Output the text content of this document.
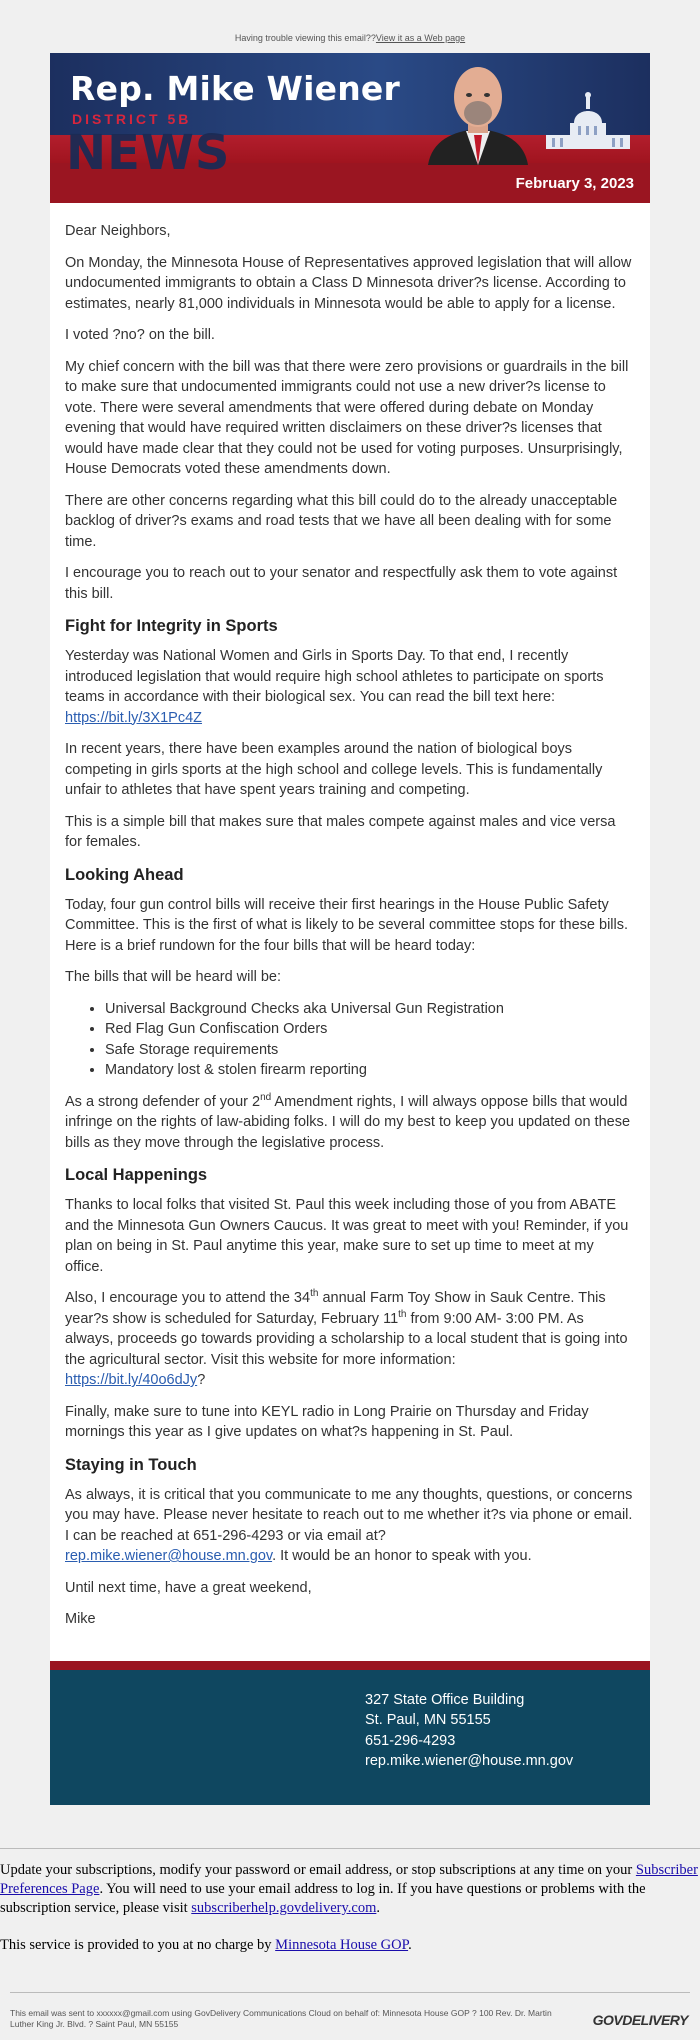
Having trouble viewing this email??View it as a Web page
NEWS
Rep. Mike Wiener
DISTRICT 5B
February 3, 2023

Dear Neighbors,

On Monday, the Minnesota House of Representatives approved legislation that will allow undocumented immigrants to obtain a Class D Minnesota driver?s license. According to estimates, nearly 81,000 individuals in Minnesota would be able to apply for a license.

I voted ?no? on the bill.

My chief concern with the bill was that there were zero provisions or guardrails in the bill to make sure that undocumented immigrants could not use a new driver?s license to vote. There were several amendments that were offered during debate on Monday evening that would have required written disclaimers on these driver?s licenses that would have made clear that they could not be used for voting purposes. Unsurprisingly, House Democrats voted these amendments down.

There are other concerns regarding what this bill could do to the already unacceptable backlog of driver?s exams and road tests that we have all been dealing with for some time.

I encourage you to reach out to your senator and respectfully ask them to vote against this bill.

Fight for Integrity in Sports

Yesterday was National Women and Girls in Sports Day. To that end, I recently introduced legislation that would require high school athletes to participate on sports teams in accordance with their biological sex. You can read the bill text here:
https://bit.ly/3X1Pc4Z

In recent years, there have been examples around the nation of biological boys competing in girls sports at the high school and college levels. This is fundamentally unfair to athletes that have spent years training and competing.

This is a simple bill that makes sure that males compete against males and vice versa for females.

Looking Ahead

Today, four gun control bills will receive their first hearings in the House Public Safety Committee. This is the first of what is likely to be several committee stops for these bills. Here is a brief rundown for the four bills that will be heard today:

The bills that will be heard will be:

• Universal Background Checks aka Universal Gun Registration
• Red Flag Gun Confiscation Orders
• Safe Storage requirements
• Mandatory lost & stolen firearm reporting

As a strong defender of your 2nd Amendment rights, I will always oppose bills that would infringe on the rights of law-abiding folks. I will do my best to keep you updated on these bills as they move through the legislative process.

Local Happenings

Thanks to local folks that visited St. Paul this week including those of you from ABATE and the Minnesota Gun Owners Caucus. It was great to meet with you! Reminder, if you plan on being in St. Paul anytime this year, make sure to set up time to meet at my office.

Also, I encourage you to attend the 34th annual Farm Toy Show in Sauk Centre. This year?s show is scheduled for Saturday, February 11th from 9:00 AM- 3:00 PM. As always, proceeds go towards providing a scholarship to a local student that is going into the agricultural sector. Visit this website for more information:
https://bit.ly/40o6dJy?

Finally, make sure to tune into KEYL radio in Long Prairie on Thursday and Friday mornings this year as I give updates on what?s happening in St. Paul.

Staying in Touch

As always, it is critical that you communicate to me any thoughts, questions, or concerns you may have. Please never hesitate to reach out to me whether it?s via phone or email. I can be reached at 651-296-4293 or via email at?
rep.mike.wiener@house.mn.gov. It would be an honor to speak with you.

Until next time, have a great weekend,

Mike

327 State Office Building
St. Paul, MN 55155
651-296-4293
rep.mike.wiener@house.mn.gov

Update your subscriptions, modify your password or email address, or stop subscriptions at any time on your Subscriber Preferences Page. You will need to use your email address to log in. If you have questions or problems with the subscription service, please visit subscriberhelp.govdelivery.com.

This service is provided to you at no charge by Minnesota House GOP.

This email was sent to xxxxxx@gmail.com using GovDelivery Communications Cloud on behalf of: Minnesota House GOP ? 100 Rev. Dr. Martin Luther King Jr. Blvd. ? Saint Paul, MN 55155	GOVDELIVERY
